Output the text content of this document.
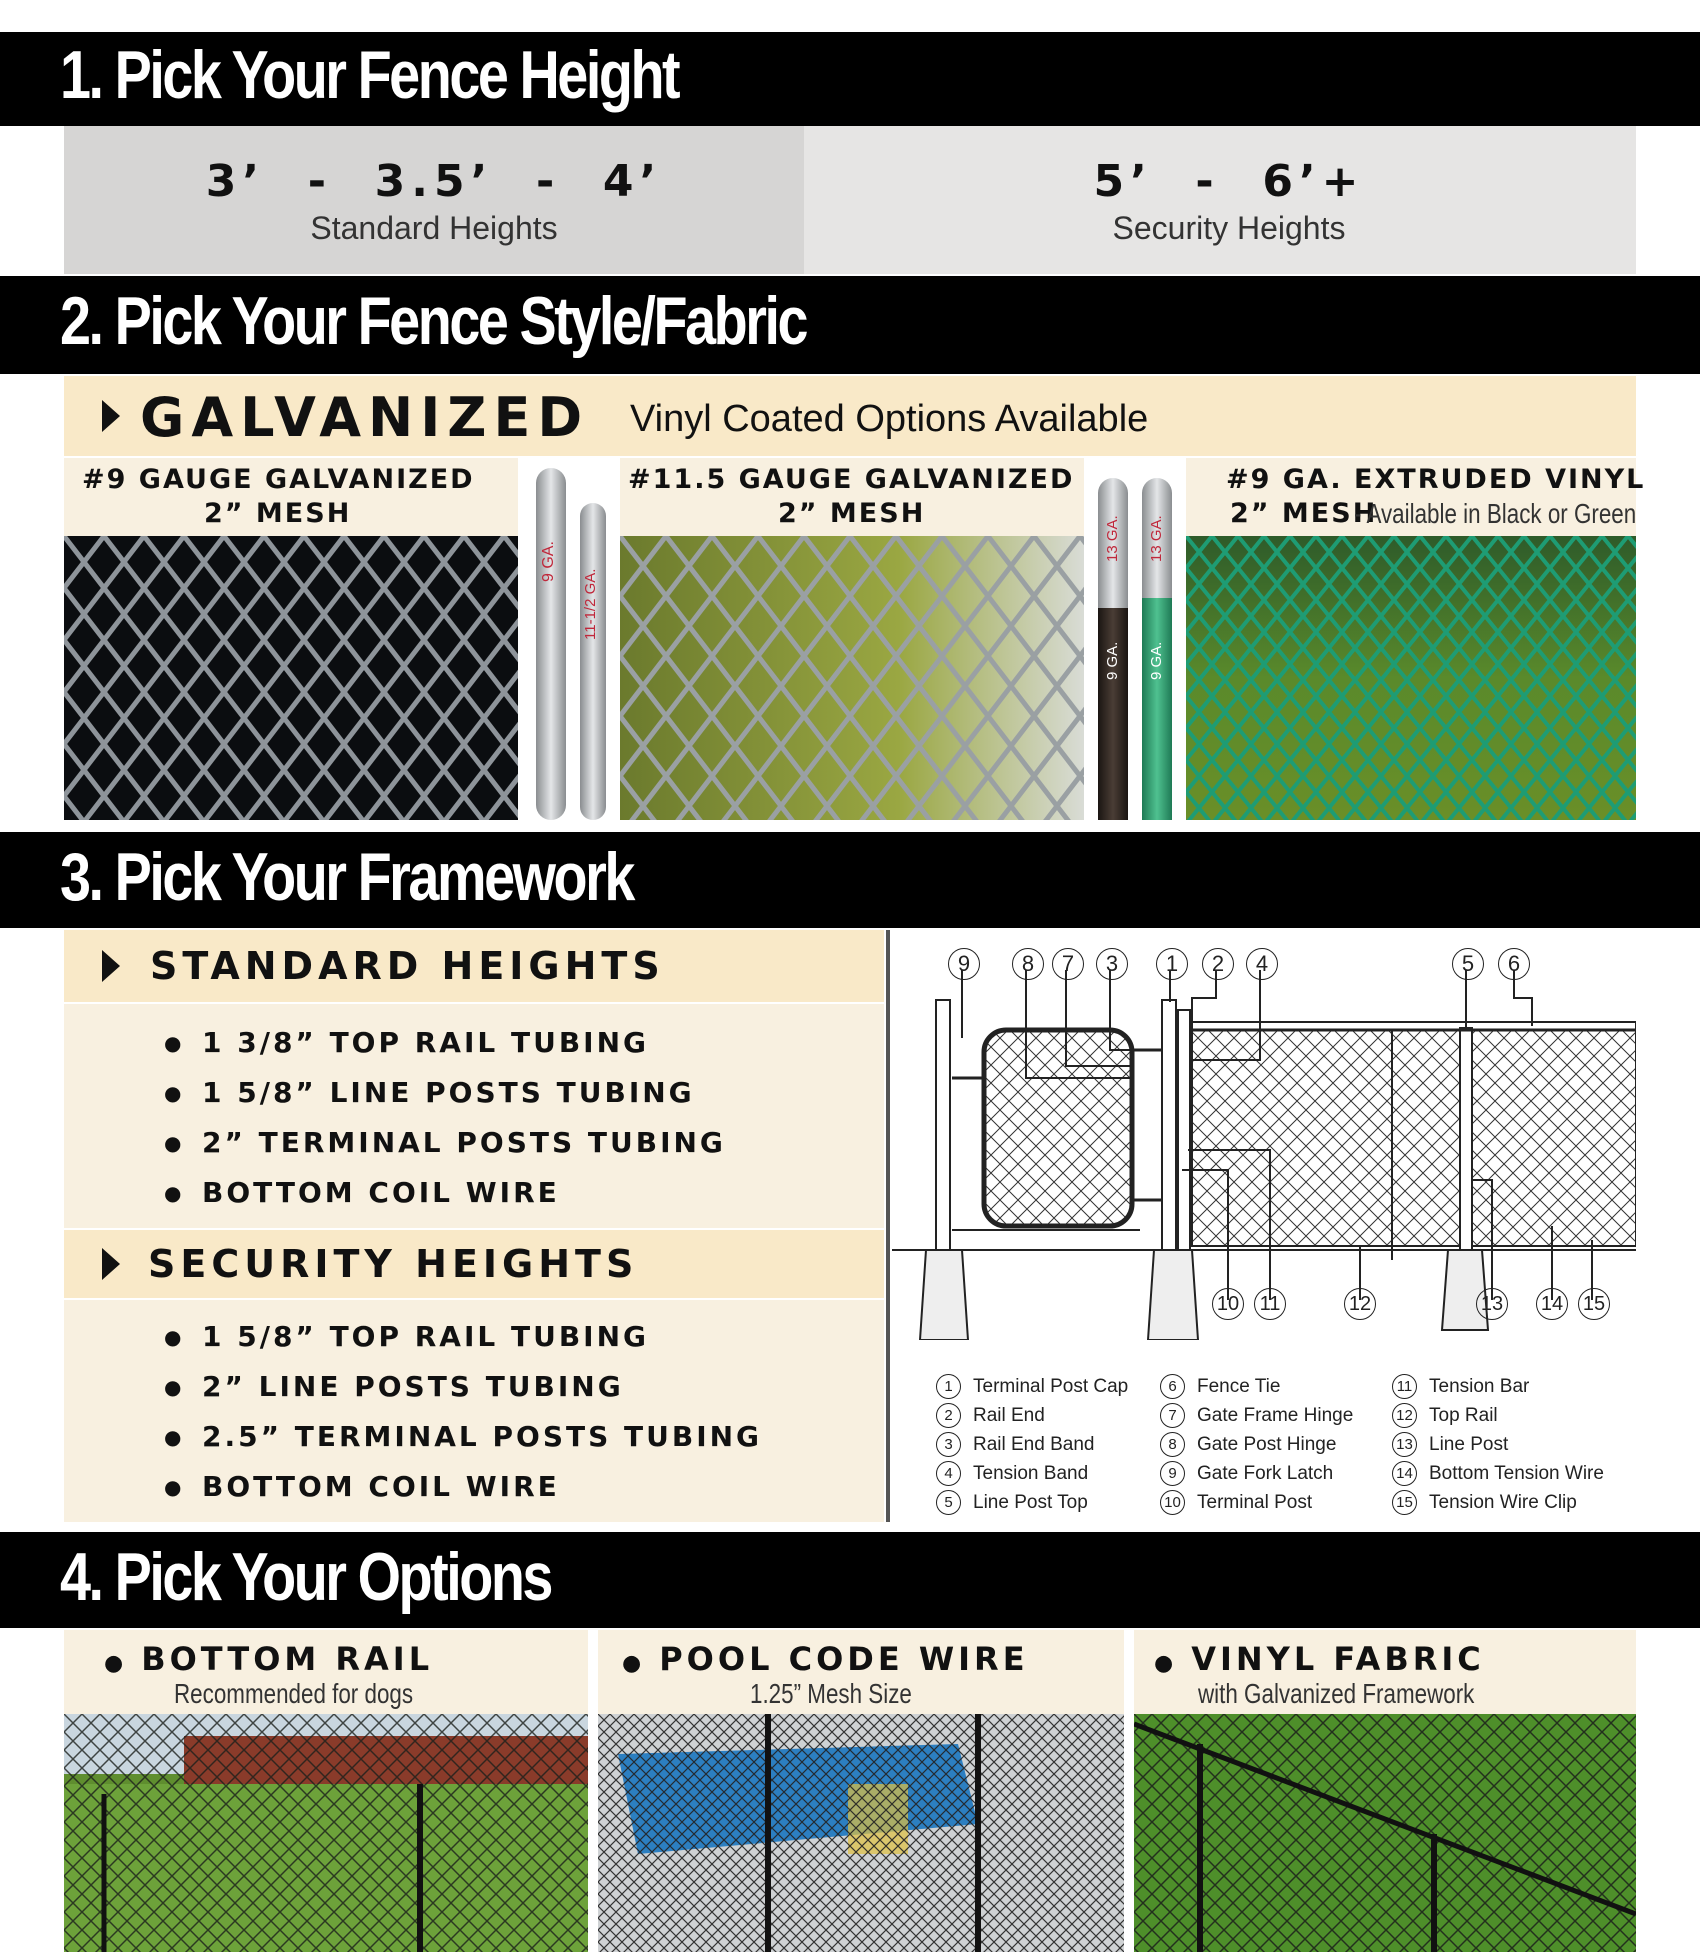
1. Pick Your Fence Height
3’  -  3.5’  -  4’
Standard Heights
5’  -  6’+
Security Heights
2. Pick Your Fence Style/Fabric
GALVANIZED Vinyl Coated Options Available
#9 GAUGE GALVANIZED
2” MESH
9 GA.
11-1/2 GA.
#11.5 GAUGE GALVANIZED
2” MESH
13 GA.
9 GA.
13 GA.
9 GA.
#9 GA. EXTRUDED VINYL
2” MESH
- Available in Black or Green
3. Pick Your Framework
STANDARD HEIGHTS
● 1 3/8” TOP RAIL TUBING
● 1 5/8” LINE POSTS TUBING
● 2” TERMINAL POSTS TUBING
● BOTTOM COIL WIRE
SECURITY HEIGHTS
● 1 5/8” TOP RAIL TUBING
● 2” LINE POSTS TUBING
● 2.5” TERMINAL POSTS TUBING
● BOTTOM COIL WIRE
9	8	7	3	1	2	4	5	6
10	11	12	13	14 15
1 Terminal Post Cap
2 Rail End
3 Rail End Band
4 Tension Band
5 Line Post Top
6 Fence Tie
7 Gate Frame Hinge
8 Gate Post Hinge
9 Gate Fork Latch
10 Terminal Post
11 Tension Bar
12 Top Rail
13 Line Post
14 Bottom Tension Wire
15 Tension Wire Clip
4. Pick Your Options
● BOTTOM RAIL
Recommended for dogs
● POOL CODE WIRE
1.25” Mesh Size
● VINYL FABRIC
with Galvanized Framework
